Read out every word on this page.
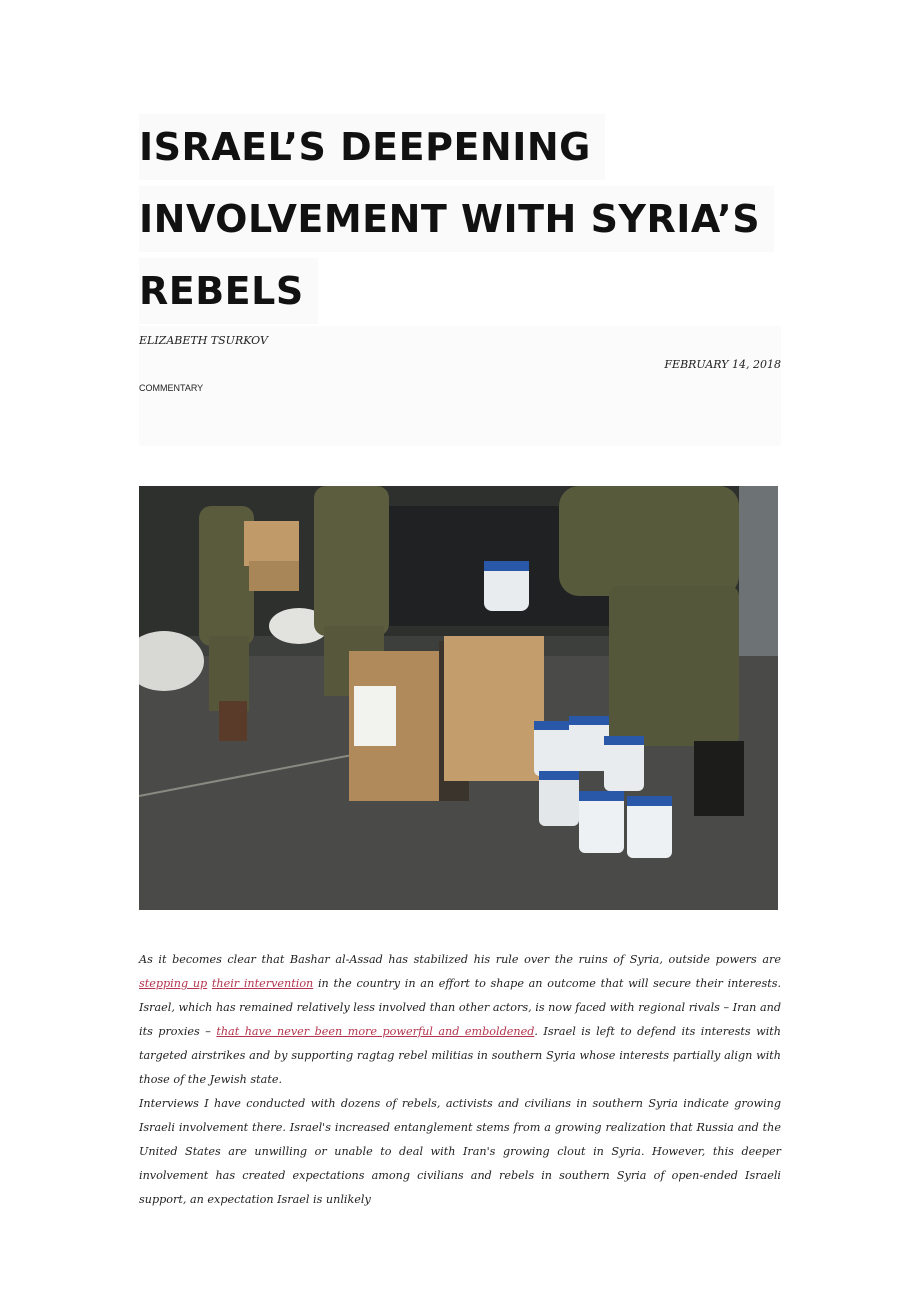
ISRAEL’S DEEPENING
INVOLVEMENT WITH SYRIA’S
REBELS
ELIZABETH TSURKOV
FEBRUARY 14, 2018
COMMENTARY

As it becomes clear that Bashar al-Assad has stabilized his rule over the ruins of Syria, outside powers are stepping up their intervention in the country in an effort to shape an outcome that will secure their interests. Israel, which has remained relatively less involved than other actors, is now faced with regional rivals – Iran and its proxies – that have never been more powerful and emboldened. Israel is left to defend its interests with targeted airstrikes and by supporting ragtag rebel militias in southern Syria whose interests partially align with those of the Jewish state.

Interviews I have conducted with dozens of rebels, activists and civilians in southern Syria indicate growing Israeli involvement there. Israel's increased entanglement stems from a growing realization that Russia and the United States are unwilling or unable to deal with Iran's growing clout in Syria. However, this deeper involvement has created expectations among civilians and rebels in southern Syria of open-ended Israeli support, an expectation Israel is unlikely
